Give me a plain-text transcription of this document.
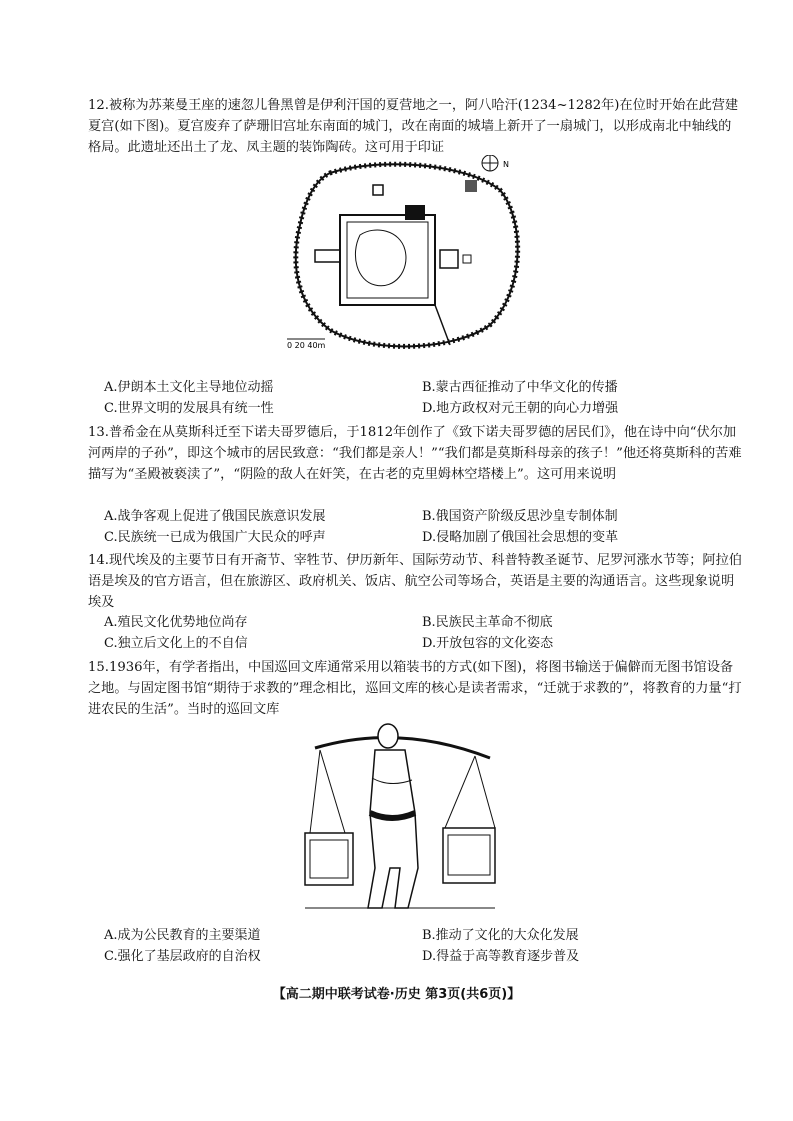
12.被称为苏莱曼王座的速忽儿鲁黑曾是伊利汗国的夏营地之一，阿八哈汗(1234~1282年)在位时开始在此营建夏宫(如下图)。夏宫废弃了萨珊旧宫址东南面的城门，改在南面的城墙上新开了一扇城门，以形成南北中轴线的格局。此遗址还出土了龙、凤主题的装饰陶砖。这可用于印证

N
0 20 40m
A.伊朗本土文化主导地位动摇	B.蒙古西征推动了中华文化的传播
C.世界文明的发展具有统一性	D.地方政权对元王朝的向心力增强

13.普希金在从莫斯科迁至下诺夫哥罗德后，于1812年创作了《致下诺夫哥罗德的居民们》，他在诗中向“伏尔加河两岸的子孙”，即这个城市的居民致意：“我们都是亲人！”“我们都是莫斯科母亲的孩子！”他还将莫斯科的苦难描写为“圣殿被亵渎了”，“阴险的敌人在奸笑，在古老的克里姆林空塔楼上”。这可用来说明

A.战争客观上促进了俄国民族意识发展	B.俄国资产阶级反思沙皇专制体制
C.民族统一已成为俄国广大民众的呼声	D.侵略加剧了俄国社会思想的变革

14.现代埃及的主要节日有开斋节、宰牲节、伊历新年、国际劳动节、科普特教圣诞节、尼罗河涨水节等；阿拉伯语是埃及的官方语言，但在旅游区、政府机关、饭店、航空公司等场合，英语是主要的沟通语言。这些现象说明埃及

A.殖民文化优势地位尚存	B.民族民主革命不彻底
C.独立后文化上的不自信	D.开放包容的文化姿态

15.1936年，有学者指出，中国巡回文库通常采用以箱装书的方式(如下图)，将图书输送于偏僻而无图书馆设备之地。与固定图书馆“期待于求教的”理念相比，巡回文库的核心是读者需求，“迁就于求教的”，将教育的力量“打进农民的生活”。当时的巡回文库

A.成为公民教育的主要渠道	B.推动了文化的大众化发展
C.强化了基层政府的自治权	D.得益于高等教育逐步普及
【高二期中联考试卷·历史 第3页(共6页)】
